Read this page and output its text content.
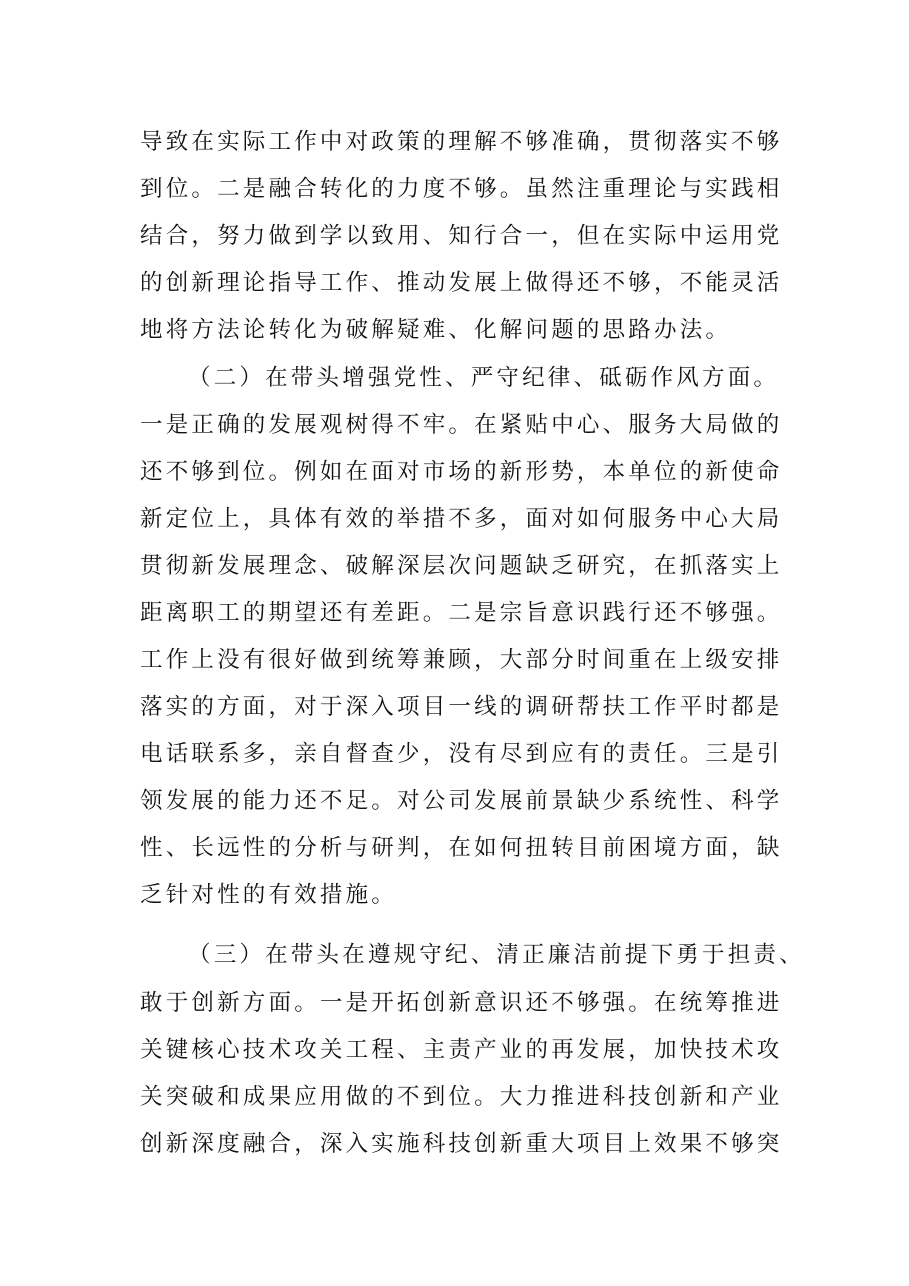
导致在实际工作中对政策的理解不够准确，贯彻落实不够
到位。二是融合转化的力度不够。虽然注重理论与实践相
结合，努力做到学以致用、知行合一，但在实际中运用党
的创新理论指导工作、推动发展上做得还不够，不能灵活
地将方法论转化为破解疑难、化解问题的思路办法。
（二）在带头增强党性、严守纪律、砥砺作风方面。
一是正确的发展观树得不牢。在紧贴中心、服务大局做的
还不够到位。例如在面对市场的新形势，本单位的新使命
新定位上，具体有效的举措不多，面对如何服务中心大局
贯彻新发展理念、破解深层次问题缺乏研究，在抓落实上
距离职工的期望还有差距。二是宗旨意识践行还不够强。
工作上没有很好做到统筹兼顾，大部分时间重在上级安排
落实的方面，对于深入项目一线的调研帮扶工作平时都是
电话联系多，亲自督查少，没有尽到应有的责任。三是引
领发展的能力还不足。对公司发展前景缺少系统性、科学
性、长远性的分析与研判，在如何扭转目前困境方面，缺
乏针对性的有效措施。
（三）在带头在遵规守纪、清正廉洁前提下勇于担责、
敢于创新方面。一是开拓创新意识还不够强。在统筹推进
关键核心技术攻关工程、主责产业的再发展，加快技术攻
关突破和成果应用做的不到位。大力推进科技创新和产业
创新深度融合，深入实施科技创新重大项目上效果不够突
